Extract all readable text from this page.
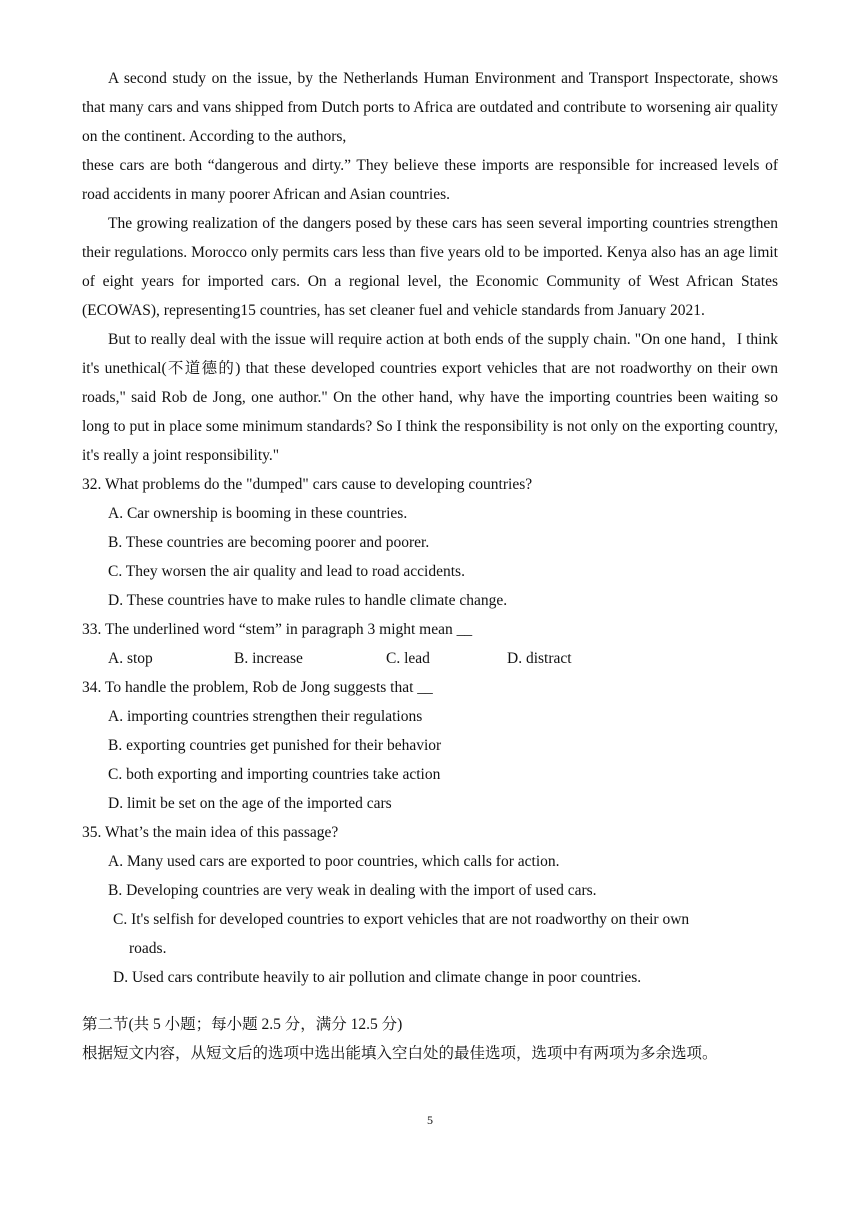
A second study on the issue, by the Netherlands Human Environment and Transport Inspectorate, shows that many cars and vans shipped from Dutch ports to Africa are outdated and contribute to worsening air quality on the continent. According to the authors,

these cars are both “dangerous and dirty.” They believe these imports are responsible for increased levels of road accidents in many poorer African and Asian countries.

The growing realization of the dangers posed by these cars has seen several importing countries strengthen their regulations. Morocco only permits cars less than five years old to be imported. Kenya also has an age limit of eight years for imported cars. On a regional level, the Economic Community of West African States (ECOWAS), representing15 countries, has set cleaner fuel and vehicle standards from January 2021.

But to really deal with the issue will require action at both ends of the supply chain. "On one hand，I think it's unethical(不道德的) that these developed countries export vehicles that are not roadworthy on their own roads," said Rob de Jong, one author." On the other hand, why have the importing countries been waiting so long to put in place some minimum standards? So I think the responsibility is not only on the exporting country, it's really a joint responsibility."

32. What problems do the "dumped" cars cause to developing countries?

A. Car ownership is booming in these countries.

B. These countries are becoming poorer and poorer.

C. They worsen the air quality and lead to road accidents.

D. These countries have to make rules to handle climate change.

33. The underlined word “stem” in paragraph 3 might mean __

A. stop	B. increase	C. lead	D. distract

34. To handle the problem, Rob de Jong suggests that __

A. importing countries strengthen their regulations

B. exporting countries get punished for their behavior

C. both exporting and importing countries take action

D. limit be set on the age of the imported cars

35. What’s the main idea of this passage?

A. Many used cars are exported to poor countries, which calls for action.

B. Developing countries are very weak in dealing with the import of used cars.

C. It's selfish for developed countries to export vehicles that are not roadworthy on their own
roads.

D. Used cars contribute heavily to air pollution and climate change in poor countries.

第二节(共 5 小题；每小题 2.5 分，满分 12.5 分)

根据短文内容，从短文后的选项中选出能填入空白处的最佳选项，选项中有两项为多余选项。

5
